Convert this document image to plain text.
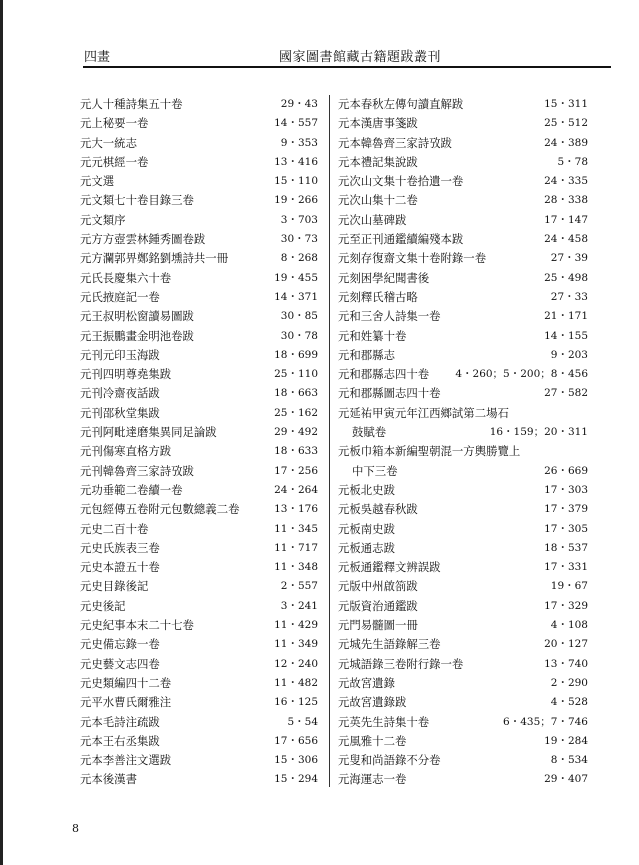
四畫	國家圖書館藏古籍題跋叢刊
元人十種詩集五十卷	29・43
元上秘要一卷	14・557
元大一統志	9・353
元元棋經一卷	13・416
元文選	15・110
元文類七十卷目錄三卷	19・266
元文類序	3・703
元方方壺雲林鍾秀圖卷跋	30・73
元方瀾郭畀鄭銘劉壎詩共一冊	8・268
元氏長慶集六十卷	19・455
元氏掖庭記一卷	14・371
元王叔明松窗讀易圖跋	30・85
元王振鵬畫金明池卷跋	30・78
元刊元印玉海跋	18・699
元刊四明尊堯集跋	25・110
元刊冷齋夜話跋	18・663
元刊邵秋堂集跋	25・162
元刊阿毗達磨集異同足論跋	29・492
元刊傷寒直格方跋	18・633
元刊韓魯齊三家詩攷跋	17・256
元功垂範二卷續一卷	24・264
元包經傳五卷附元包數總義二卷	13・176
元史二百十卷	11・345
元史氏族表三卷	11・717
元史本證五十卷	11・348
元史目錄後記	2・557
元史後記	3・241
元史紀事本末二十七卷	11・429
元史備忘錄一卷	11・349
元史藝文志四卷	12・240
元史類編四十二卷	11・482
元平水曹氏爾雅注	16・125
元本毛詩注疏跋	5・54
元本王右丞集跋	17・656
元本李善注文選跋	15・306
元本後漢書	15・294
元本春秋左傳句讀直解跋	15・311
元本漢唐事箋跋	25・512
元本韓魯齊三家詩攷跋	24・389
元本禮記集說跋	5・78
元次山文集十卷拾遺一卷	24・335
元次山集十二卷	28・338
元次山墓碑跋	17・147
元至正刊通鑑續編殘本跋	24・458
元刻存復齋文集十卷附錄一卷	27・39
元刻困學紀聞書後	25・498
元刻釋氏稽古略	27・33
元和三舍人詩集一卷	21・171
元和姓纂十卷	14・155
元和郡縣志	9・203
元和郡縣志四十卷 4・260；5・200；8・456
元和郡縣圖志四十卷	27・582
元延祐甲寅元年江西鄉試第二場石
鼓賦卷	16・159；20・311
元板巾箱本新編聖朝混一方輿勝覽上
中下三卷	26・669
元板北史跋	17・303
元板吳越春秋跋	17・379
元板南史跋	17・305
元板通志跋	18・537
元板通鑑釋文辨誤跋	17・331
元版中州啟箚跋	19・67
元版資治通鑑跋	17・329
元門易髓圖一冊	4・108
元城先生語錄解三卷	20・127
元城語錄三卷附行錄一卷	13・740
元故宮遺錄	2・290
元故宮遺錄跋	4・528
元英先生詩集十卷	6・435；7・746
元風雅十二卷	19・284
元叟和尚語錄不分卷	8・534
元海運志一卷	29・407
8
